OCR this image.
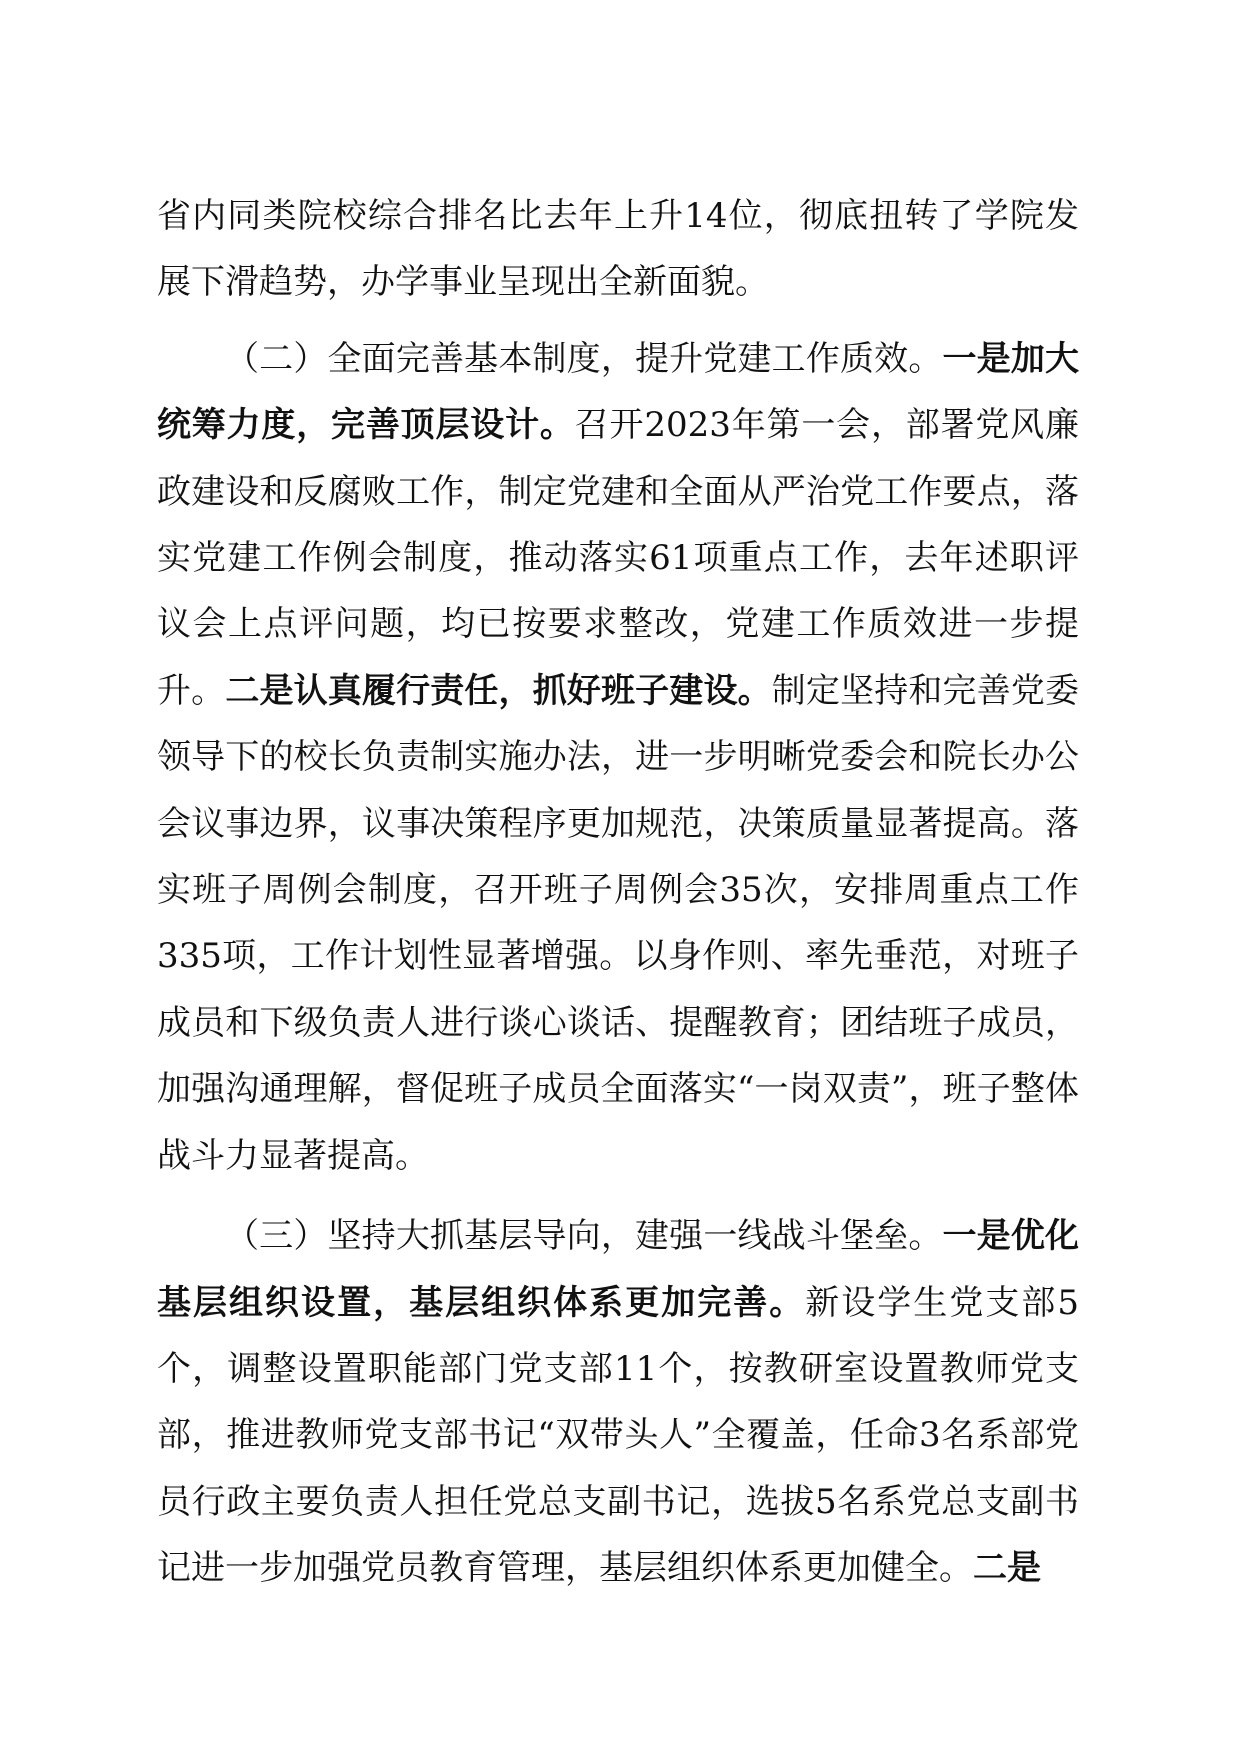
省内同类院校综合排名比去年上升14位，彻底扭转了学院发展下滑趋势，办学事业呈现出全新面貌。

（二）全面完善基本制度，提升党建工作质效。一是加大统筹力度，完善顶层设计。召开2023年第一会，部署党风廉政建设和反腐败工作，制定党建和全面从严治党工作要点，落实党建工作例会制度，推动落实61项重点工作，去年述职评议会上点评问题，均已按要求整改，党建工作质效进一步提升。二是认真履行责任，抓好班子建设。制定坚持和完善党委领导下的校长负责制实施办法，进一步明晰党委会和院长办公会议事边界，议事决策程序更加规范，决策质量显著提高。落实班子周例会制度，召开班子周例会35次，安排周重点工作335项，工作计划性显著增强。以身作则、率先垂范，对班子成员和下级负责人进行谈心谈话、提醒教育；团结班子成员，加强沟通理解，督促班子成员全面落实“一岗双责”，班子整体战斗力显著提高。

（三）坚持大抓基层导向，建强一线战斗堡垒。一是优化基层组织设置，基层组织体系更加完善。新设学生党支部5个，调整设置职能部门党支部11个，按教研室设置教师党支部，推进教师党支部书记“双带头人”全覆盖，任命3名系部党员行政主要负责人担任党总支副书记，选拔5名系党总支副书记进一步加强党员教育管理，基层组织体系更加健全。二是
